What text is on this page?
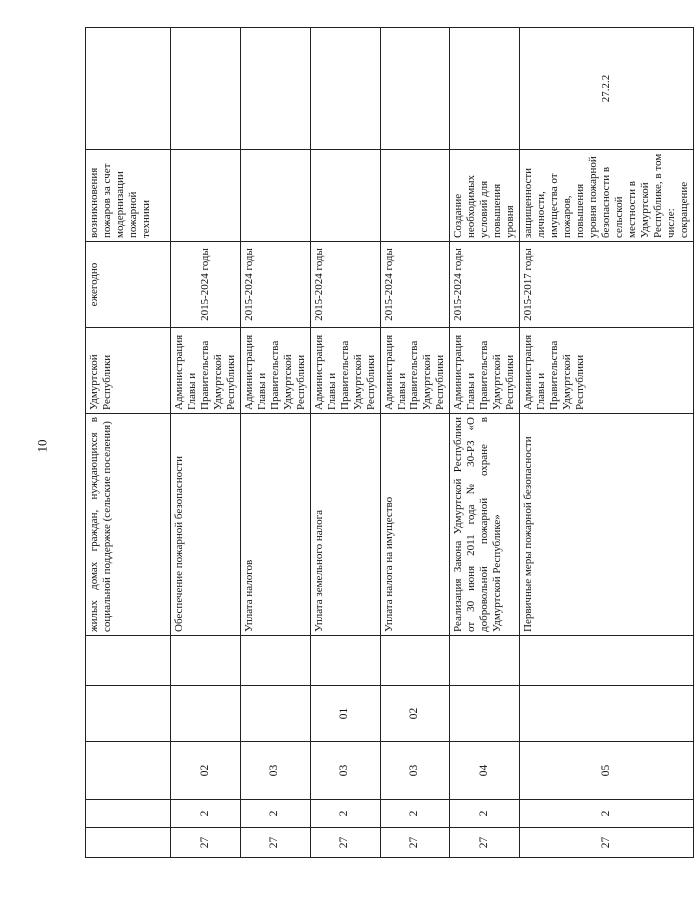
10
						жилых домах граждан, нуждающихся в социальной поддержке (сельские поселения)	Удмуртской Республики	ежегодно	возникновения пожаров за счет модернизации пожарной техники	
27	2	02			Обеспечение пожарной безопасности	Администрация Главы и Правительства Удмуртской Республики	2015-2024 годы		
27	2	03			Уплата налогов	Администрация Главы и Правительства Удмуртской Республики	2015-2024 годы		
27	2	03	01		Уплата земельного налога	Администрация Главы и Правительства Удмуртской Республики	2015-2024 годы		
27	2	03	02		Уплата налога на имущество	Администрация Главы и Правительства Удмуртской Республики	2015-2024 годы		
27	2	04			Реализация Закона Удмуртской Республики от 30 июня 2011 года № 30-РЗ «О добровольной пожарной охране в Удмуртской Республике»	Администрация Главы и Правительства Удмуртской Республики	2015-2024 годы	Создание необходимых условий для повышения уровня	
27	2	05			Первичные меры пожарной безопасности	Администрация Главы и Правительства Удмуртской Республики	2015-2017 годы	защищенности личности, имущества от пожаров, повышения уровня пожарной безопасности в сельской местности в Удмуртской Республике, в том числе: сокращение	27.2.2
